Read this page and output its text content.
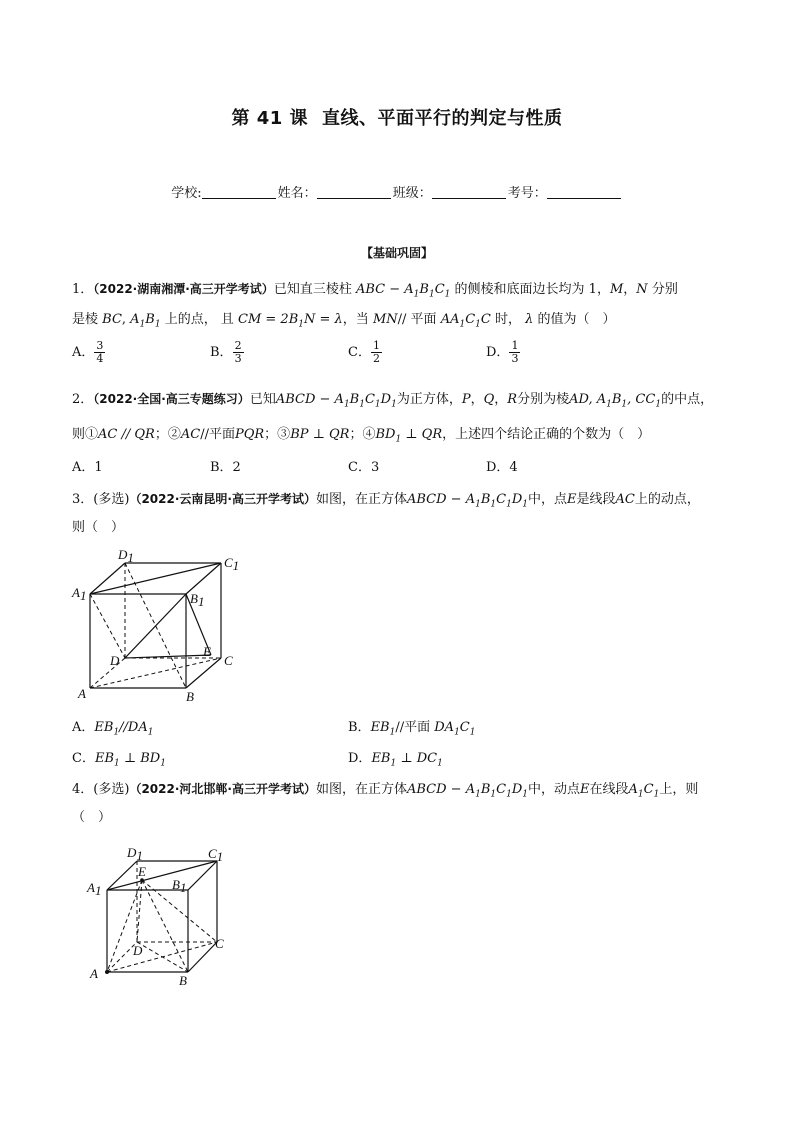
第 41 课 直线、平面平行的判定与性质
学校:	姓名：	班级：	考号：
【基础巩固】
1．（2022·湖南湘潭·高三开学考试）已知直三棱柱 ABC − $A_1B_1C_1$ 的侧棱和底面边长均为 1，M，N 分别
是棱 BC, $A_1B_1$ 上的点， 且 CM = $2B_1N = \lambda$，当 MN// 平面 $AA_1C_1C$ 时， λ 的值为（　）
A． $\frac{3}{4}$	B． $\frac{2}{3}$	C． $\frac{1}{2}$	D． $\frac{1}{3}$
2．（2022·全国·高三专题练习）已知ABCD − $A_1B_1C_1D_1$为正方体，P，Q，R分别为棱AD, $A_1B_1$, $CC_1$的中点，
则①AC // QR；②AC//平面PQR；③BP ⊥ QR；$④BD_1$ ⊥ QR，上述四个结论正确的个数为（　）
A．1	B．2	C．3	D．4
3．(多选)（2022·云南昆明·高三开学考试）如图，在正方体ABCD − $A_1B_1C_1D_1$中，点E是线段AC上的动点，
则（　）
D1	C1
A1	B1
D
E
C
A	B
A．$EB_1//DA_1$	B．$EB_1//$平面 $DA_1C_1$
C．$EB_1$ ⊥ $BD_1$	D．$EB_1$ ⊥ $DC_1$
4．(多选)（2022·河北邯郸·高三开学考试）如图，在正方体ABCD − $A_1B_1C_1D_1$中，动点E在线段$A_1C_1$上，则
（　）
D1	C1
A1
E
B1
D	C
A	B
